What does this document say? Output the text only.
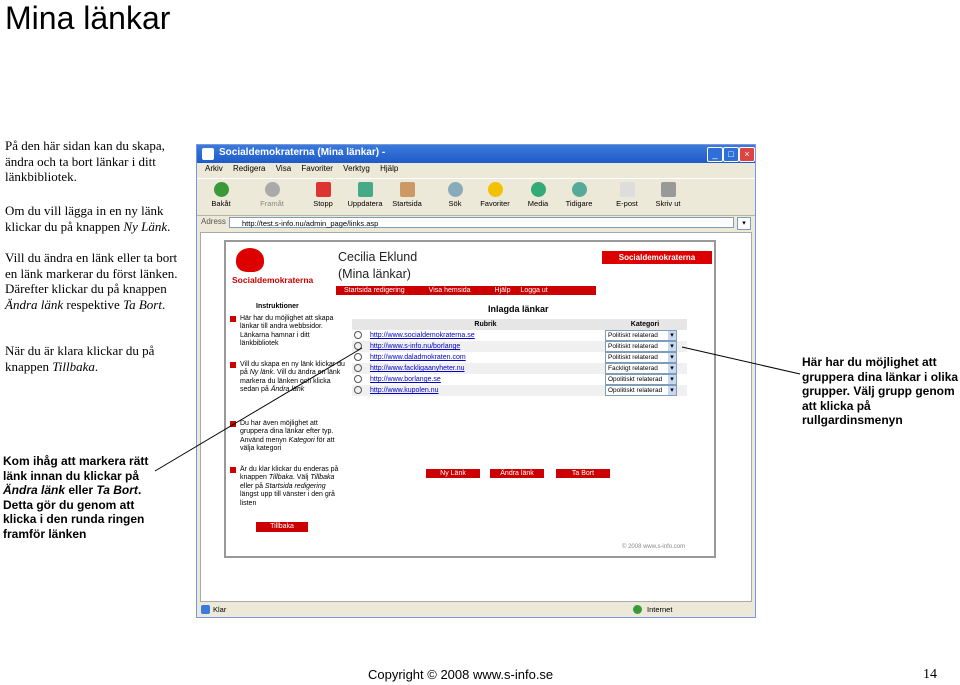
Mina länkar
På den här sidan kan du skapa, ändra och ta bort länkar i ditt länkbibliotek.
Om du vill lägga in en ny länk klickar du på knappen Ny Länk.
Vill du ändra en länk eller ta bort en länk markerar du först länken. Därefter klickar du på knappen Ändra länk respektive Ta Bort.
När du är klara klickar du på knappen Tillbaka.
Kom ihåg att markera rätt länk innan du klickar på Ändra länk eller Ta Bort. Detta gör du genom att klicka i den runda ringen framför länken
Här har du möjlighet att gruppera dina länkar i olika grupper. Välj grupp genom att klicka på rullgardinsmenyn
Socialdemokraterna (Mina länkar) -	_	□	×
Arkiv Redigera Visa Favoriter Verktyg Hjälp
Bakåt	Framåt	Stopp	Uppdatera	Startsida	Sök	Favoriter	Media	Tidigare	E-post	Skriv ut
Adress	http://test.s-info.nu/admin_page/links.asp	▾
Socialdemokraterna
Cecilia Eklund
(Mina länkar)
Socialdemokraterna
Startsida redigering	Visa hemsida	Hjälp Logga ut
Instruktioner
Här har du möjlighet att skapa länkar till andra webbsidor. Länkarna hamnar i ditt länkbibliotek
Vill du skapa en ny länk klickar du på Ny länk. Vill du ändra en länk markera du länken och klicka sedan på Ändra länk
Du har även möjlighet att gruppera dina länkar efter typ. Använd menyn Kategori för att välja kategori
Är du klar klickar du enderas på knappen Tillbaka. Välj Tillbaka eller på Startsida redigering längst upp till vänster i den grå listen
Tillbaka
Inlagda länkar
	Rubrik	Kategori
	http://www.socialdemokraterna.se	Politiskt relaterad ▾
	http://www.s-info.nu/borlange	Politiskt relaterad ▾
	http://www.daladmokraten.com	Politiskt relaterad ▾
	http://www.fackligaanyheter.nu	Fackligt relaterad ▾
	http://www.borlange.se	Opolitiskt relaterad ▾
	http://www.kupolen.nu	Opolitiskt relaterad ▾
Ny Länk	Ändra länk	Ta Bort
© 2008 www.s-info.com
Klar	Internet
Copyright © 2008 www.s-info.se	14
